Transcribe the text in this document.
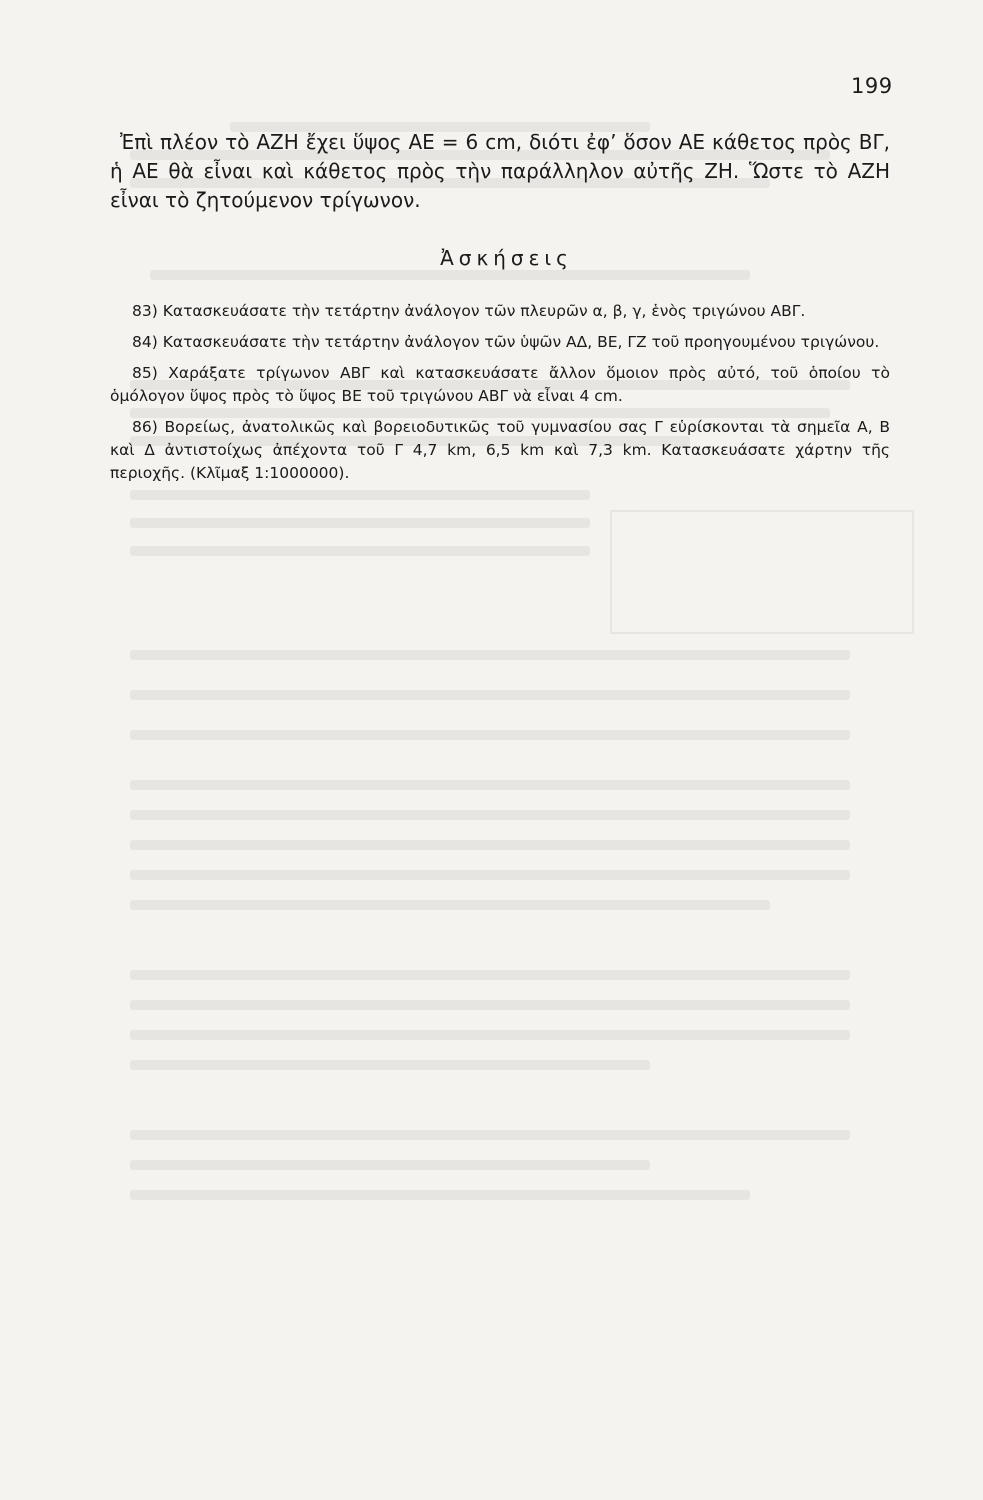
199

Ἐπὶ πλέον τὸ ΑΖΗ ἔχει ὕψος ΑΕ = 6 cm, διότι ἐφ’ ὅσον ΑΕ κάθετος πρὸς ΒΓ, ἡ ΑΕ θὰ εἶναι καὶ κάθετος πρὸς τὴν παράλληλον αὐτῆς ΖΗ. Ὥστε τὸ ΑΖΗ εἶναι τὸ ζητούμενον τρίγωνον.

Ἀσκήσεις

83) Κατασκευάσατε τὴν τετάρτην ἀνάλογον τῶν πλευρῶν α, β, γ, ἑνὸς τριγώνου ΑΒΓ.

84) Κατασκευάσατε τὴν τετάρτην ἀνάλογον τῶν ὑψῶν ΑΔ, ΒΕ, ΓΖ τοῦ προηγουμένου τριγώνου.

85) Χαράξατε τρίγωνον ΑΒΓ καὶ κατασκευάσατε ἄλλον ὅμοιον πρὸς αὐτό, τοῦ ὁποίου τὸ ὁμόλογον ὕψος πρὸς τὸ ὕψος ΒΕ τοῦ τριγώνου ΑΒΓ νὰ εἶναι 4 cm.

86) Βορείως, ἀνατολικῶς καὶ βορειοδυτικῶς τοῦ γυμνασίου σας Γ εὑρίσκονται τὰ σημεῖα Α, Β καὶ Δ ἀντιστοίχως ἀπέχοντα τοῦ Γ 4,7 km, 6,5 km καὶ 7,3 km. Κατασκευάσατε χάρτην τῆς περιοχῆς. (Κλῖμαξ 1:1000000).
